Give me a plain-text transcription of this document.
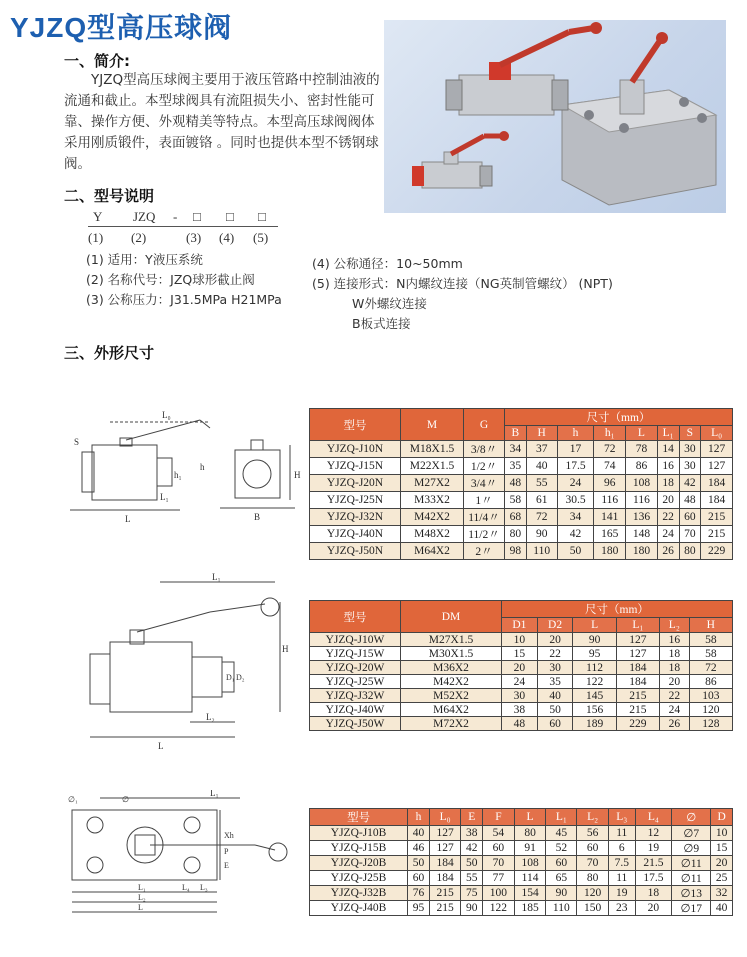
YJZQ型高压球阀
一、简介:
YJZQ型高压球阀主要用于液压管路中控制油液的流通和截止。本型球阀具有流阻损失小、密封性能可靠、操作方便、外观精美等特点。本型高压球阀阀体采用刚质锻件，表面镀铬 。同时也提供本型不锈钢球阀。
二、型号说明
Y JZQ - □ □ □
(1) (2)	(3) (4) (5)
(1) 适用：Y液压系统
(2) 名称代号：JZQ球形截止阀
(3) 公称压力：J31.5MPa H21MPa
(4) 公称通径：10~50mm
(5) 连接形式：N内螺纹连接（NG英制管螺纹） (NPT)
W外螺纹连接
B板式连接
三、外形尺寸
S
L₀
h
h₁
L₁
L	B
H
L₁
H
D₁ D₂
L₂
L
∅₁	∅
L₁
Xh
P
E
L₁	L₄ L₃
L₂
L
型号	M	G	尺寸（mm）							
			B	H	h	h₁	L	L₁	S	L₀
YJZQ-J10N	M18X1.5	3/8〃	34	37	17	72	78	14	30	127
YJZQ-J15N	M22X1.5	1/2〃	35	40	17.5	74	86	16	30	127
YJZQ-J20N	M27X2	3/4〃	48	55	24	96	108	18	42	184
YJZQ-J25N	M33X2	1〃	58	61	30.5	116	116	20	48	184
YJZQ-J32N	M42X2	11/4〃	68	72	34	141	136	22	60	215
YJZQ-J40N	M48X2	11/2〃	80	90	42	165	148	24	70	215
YJZQ-J50N	M64X2	2〃	98	110	50	180	180	26	80	229
型号	DM	尺寸（mm）					
		D1	D2	L	L₁	L₂	H
YJZQ-J10W	M27X1.5	10	20	90	127	16	58
YJZQ-J15W	M30X1.5	15	22	95	127	18	58
YJZQ-J20W	M36X2	20	30	112	184	18	72
YJZQ-J25W	M42X2	24	35	122	184	20	86
YJZQ-J32W	M52X2	30	40	145	215	22	103
YJZQ-J40W	M64X2	38	50	156	215	24	120
YJZQ-J50W	M72X2	48	60	189	229	26	128
型号	h	L₀	E	F	L	L₁	L₂	L₃	L₄	∅	D
YJZQ-J10B	40	127	38	54	80	45	56	11	12	∅7	10
YJZQ-J15B	46	127	42	60	91	52	60	6	19	∅9	15
YJZQ-J20B	50	184	50	70	108	60	70	7.5	21.5	∅11	20
YJZQ-J25B	60	184	55	77	114	65	80	11	17.5	∅11	25
YJZQ-J32B	76	215	75	100	154	90	120	19	18	∅13	32
YJZQ-J40B	95	215	90	122	185	110	150	23	20	∅17	40
